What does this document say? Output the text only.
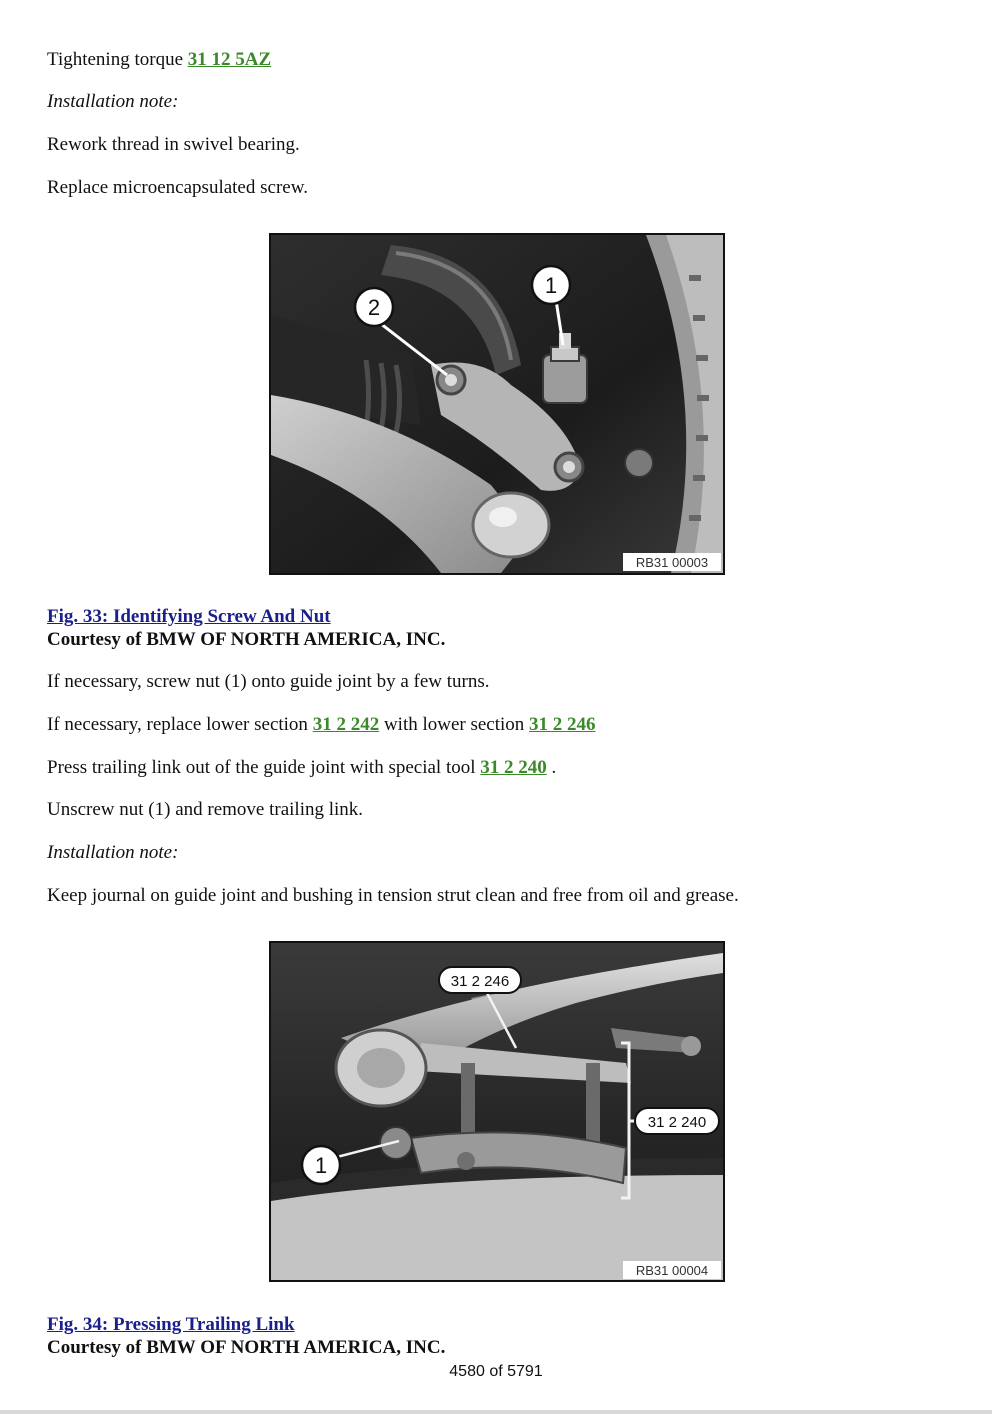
Tightening torque 31 12 5AZ

Installation note:

Rework thread in swivel bearing.

Replace microencapsulated screw.

2
1
RB31 00003

Fig. 33: Identifying Screw And Nut

Courtesy of BMW OF NORTH AMERICA, INC.

If necessary, screw nut (1) onto guide joint by a few turns.

If necessary, replace lower section 31 2 242 with lower section 31 2 246

Press trailing link out of the guide joint with special tool 31 2 240 .

Unscrew nut (1) and remove trailing link.

Installation note:

Keep journal on guide joint and bushing in tension strut clean and free from oil and grease.

31 2 246
31 2 240
1
RB31 00004

Fig. 34: Pressing Trailing Link

Courtesy of BMW OF NORTH AMERICA, INC.

4580 of 5791
